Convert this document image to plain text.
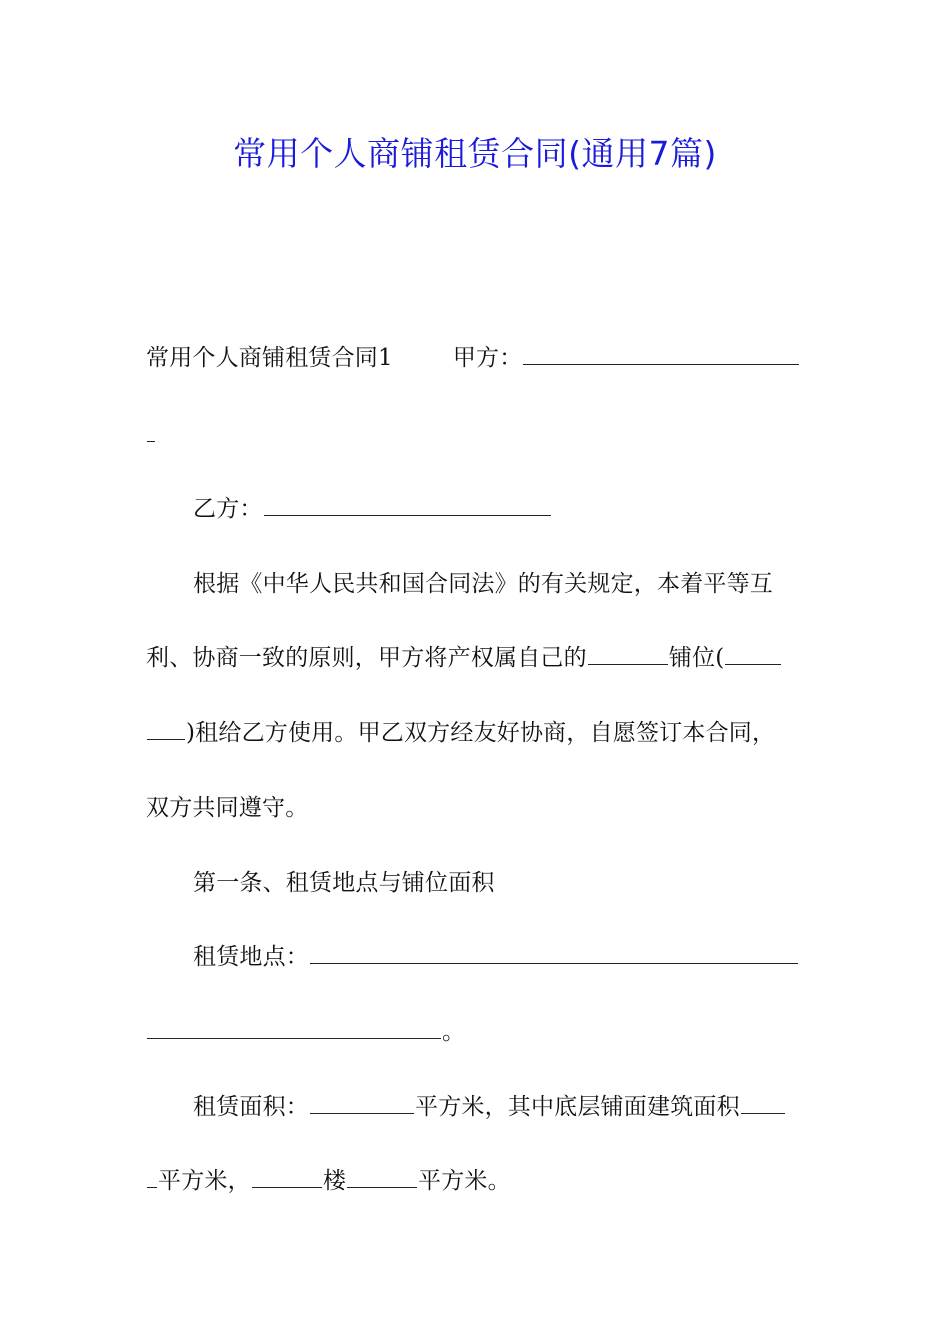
常用个人商铺租赁合同(通用7篇)
常用个人商铺租赁合同1	甲方：
乙方：
根据《中华人民共和国合同法》的有关规定，本着平等互
利、协商一致的原则，甲方将产权属自己的	铺位(
)租给乙方使用。甲乙双方经友好协商，自愿签订本合同，
双方共同遵守。
第一条、租赁地点与铺位面积
租赁地点：
。
租赁面积：	平方米，其中底层铺面建筑面积
平方米，	楼	平方米。
